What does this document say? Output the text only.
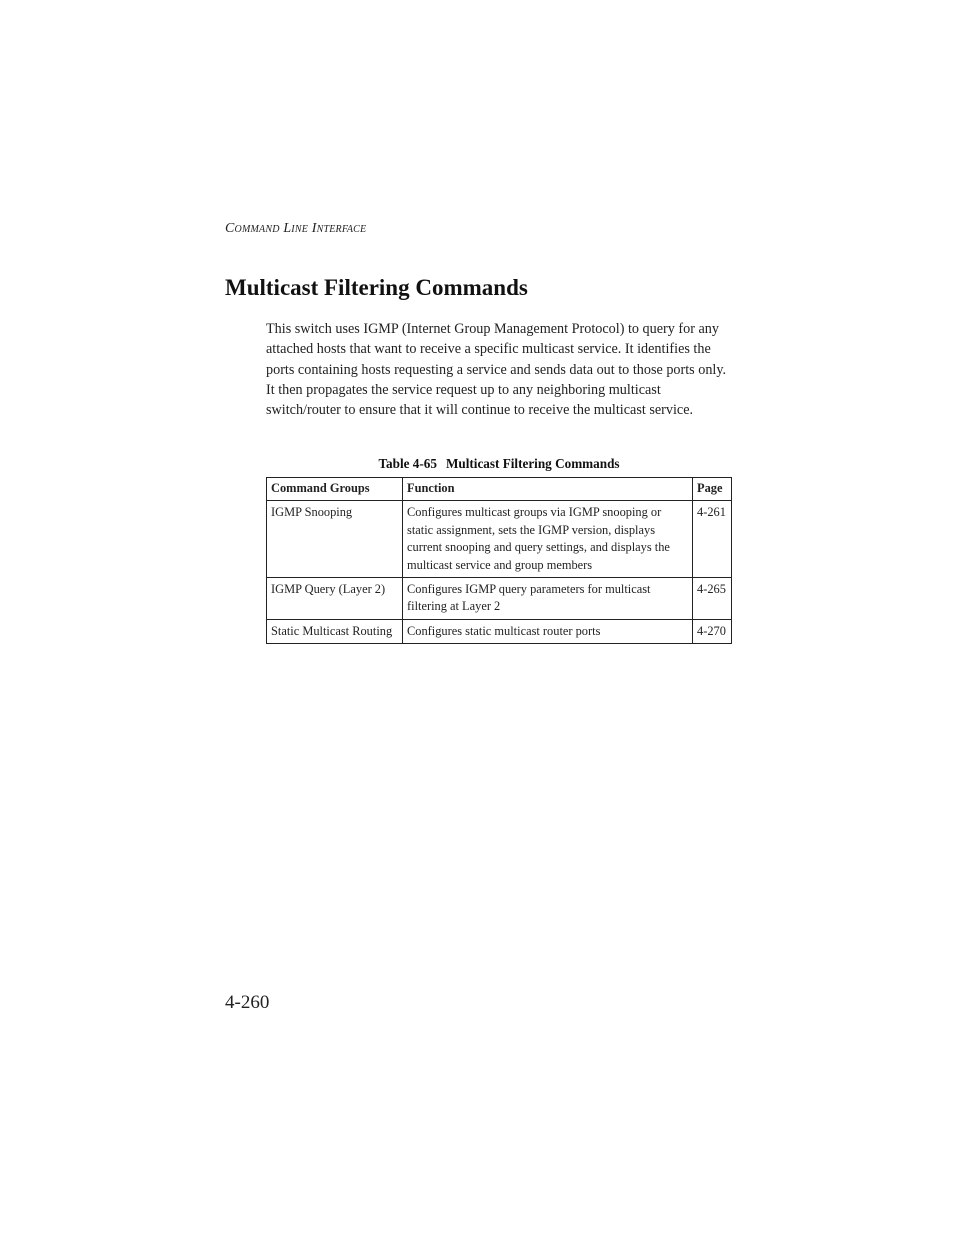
Command Line Interface
Multicast Filtering Commands

This switch uses IGMP (Internet Group Management Protocol) to query for any attached hosts that want to receive a specific multicast service. It identifies the ports containing hosts requesting a service and sends data out to those ports only. It then propagates the service request up to any neighboring multicast switch/router to ensure that it will continue to receive the multicast service.

Table 4-65 Multicast Filtering Commands
Command Groups	Function	Page
IGMP Snooping	Configures multicast groups via IGMP snooping or static assignment, sets the IGMP version, displays current snooping and query settings, and displays the multicast service and group members	4-261
IGMP Query (Layer 2)	Configures IGMP query parameters for multicast filtering at Layer 2	4-265
Static Multicast Routing	Configures static multicast router ports	4-270
4-260
